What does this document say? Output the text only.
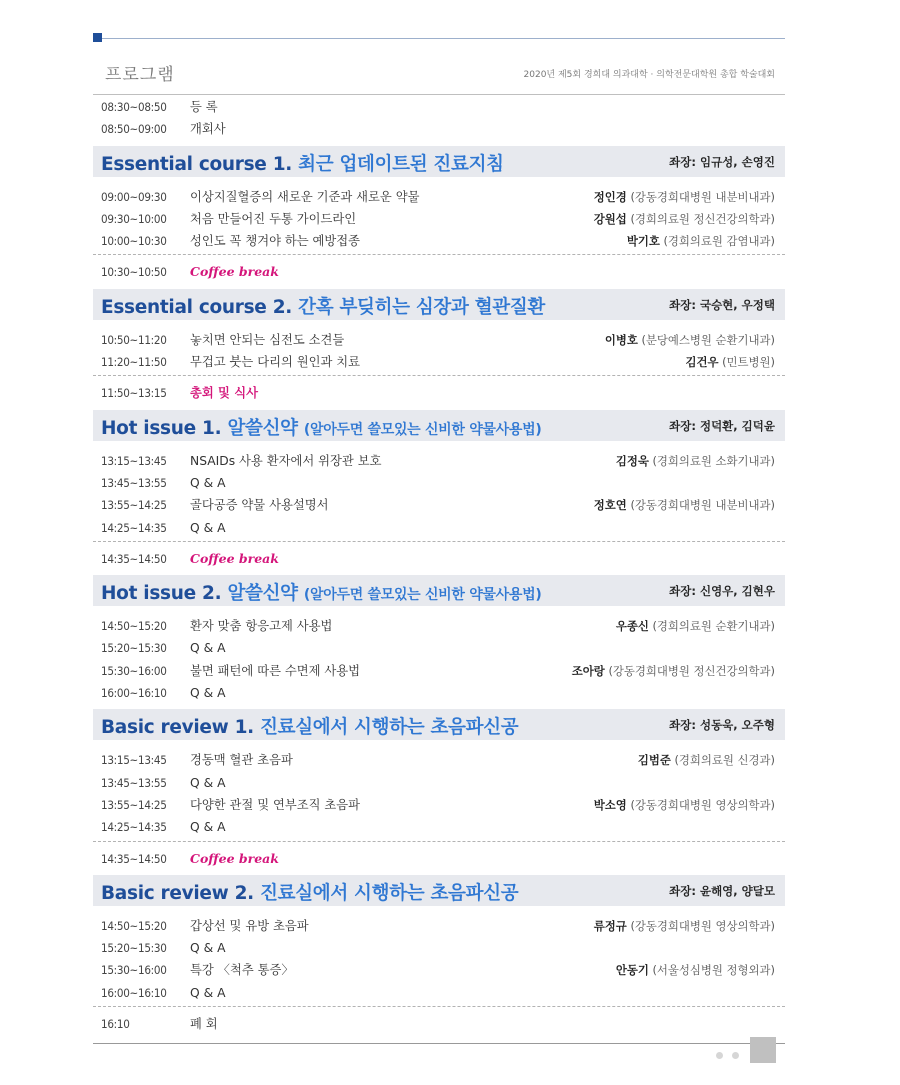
프로그램	2020년 제5회 경희대 의과대학 · 의학전문대학원 총합 학술대회
08:30~08:50 등 록
08:50~09:00 개회사
Essential course 1. 최근 업데이트된 진료지침	좌장: 임규성, 손영진
09:00~09:30 이상지질혈증의 새로운 기준과 새로운 약물	정인경 (강동경희대병원 내분비내과)
09:30~10:00 처음 만들어진 두통 가이드라인	강원섭 (경희의료원 정신건강의학과)
10:00~10:30 성인도 꼭 챙겨야 하는 예방접종	박기호 (경희의료원 감염내과)
10:30~10:50 Coffee break
Essential course 2. 간혹 부딪히는 심장과 혈관질환	좌장: 국승현, 우정택
10:50~11:20 놓치면 안되는 심전도 소견들	이병호 (분당예스병원 순환기내과)
11:20~11:50 무겁고 붓는 다리의 원인과 치료	김건우 (민트병원)
11:50~13:15 총회 및 식사
Hot issue 1. 알쓸신약 (알아두면 쓸모있는 신비한 약물사용법)	좌장: 정덕환, 김덕윤
13:15~13:45 NSAIDs 사용 환자에서 위장관 보호	김정욱 (경희의료원 소화기내과)
13:45~13:55 Q & A
13:55~14:25 골다공증 약물 사용설명서	정호연 (강동경희대병원 내분비내과)
14:25~14:35 Q & A
14:35~14:50 Coffee break
Hot issue 2. 알쓸신약 (알아두면 쓸모있는 신비한 약물사용법)	좌장: 신영우, 김현우
14:50~15:20 환자 맞춤 항응고제 사용법	우종신 (경희의료원 순환기내과)
15:20~15:30 Q & A
15:30~16:00 불면 패턴에 따른 수면제 사용법	조아랑 (강동경희대병원 정신건강의학과)
16:00~16:10 Q & A
Basic review 1. 진료실에서 시행하는 초음파신공	좌장: 성동욱, 오주형
13:15~13:45 경동맥 혈관 초음파	김범준 (경희의료원 신경과)
13:45~13:55 Q & A
13:55~14:25 다양한 관절 및 연부조직 초음파	박소영 (강동경희대병원 영상의학과)
14:25~14:35 Q & A
14:35~14:50 Coffee break
Basic review 2. 진료실에서 시행하는 초음파신공	좌장: 윤해영, 양달모
14:50~15:20 갑상선 및 유방 초음파	류정규 (강동경희대병원 영상의학과)
15:20~15:30 Q & A
15:30~16:00 특강 〈척추 통증〉	안동기 (서울성심병원 정형외과)
16:00~16:10 Q & A
16:10	폐 회
